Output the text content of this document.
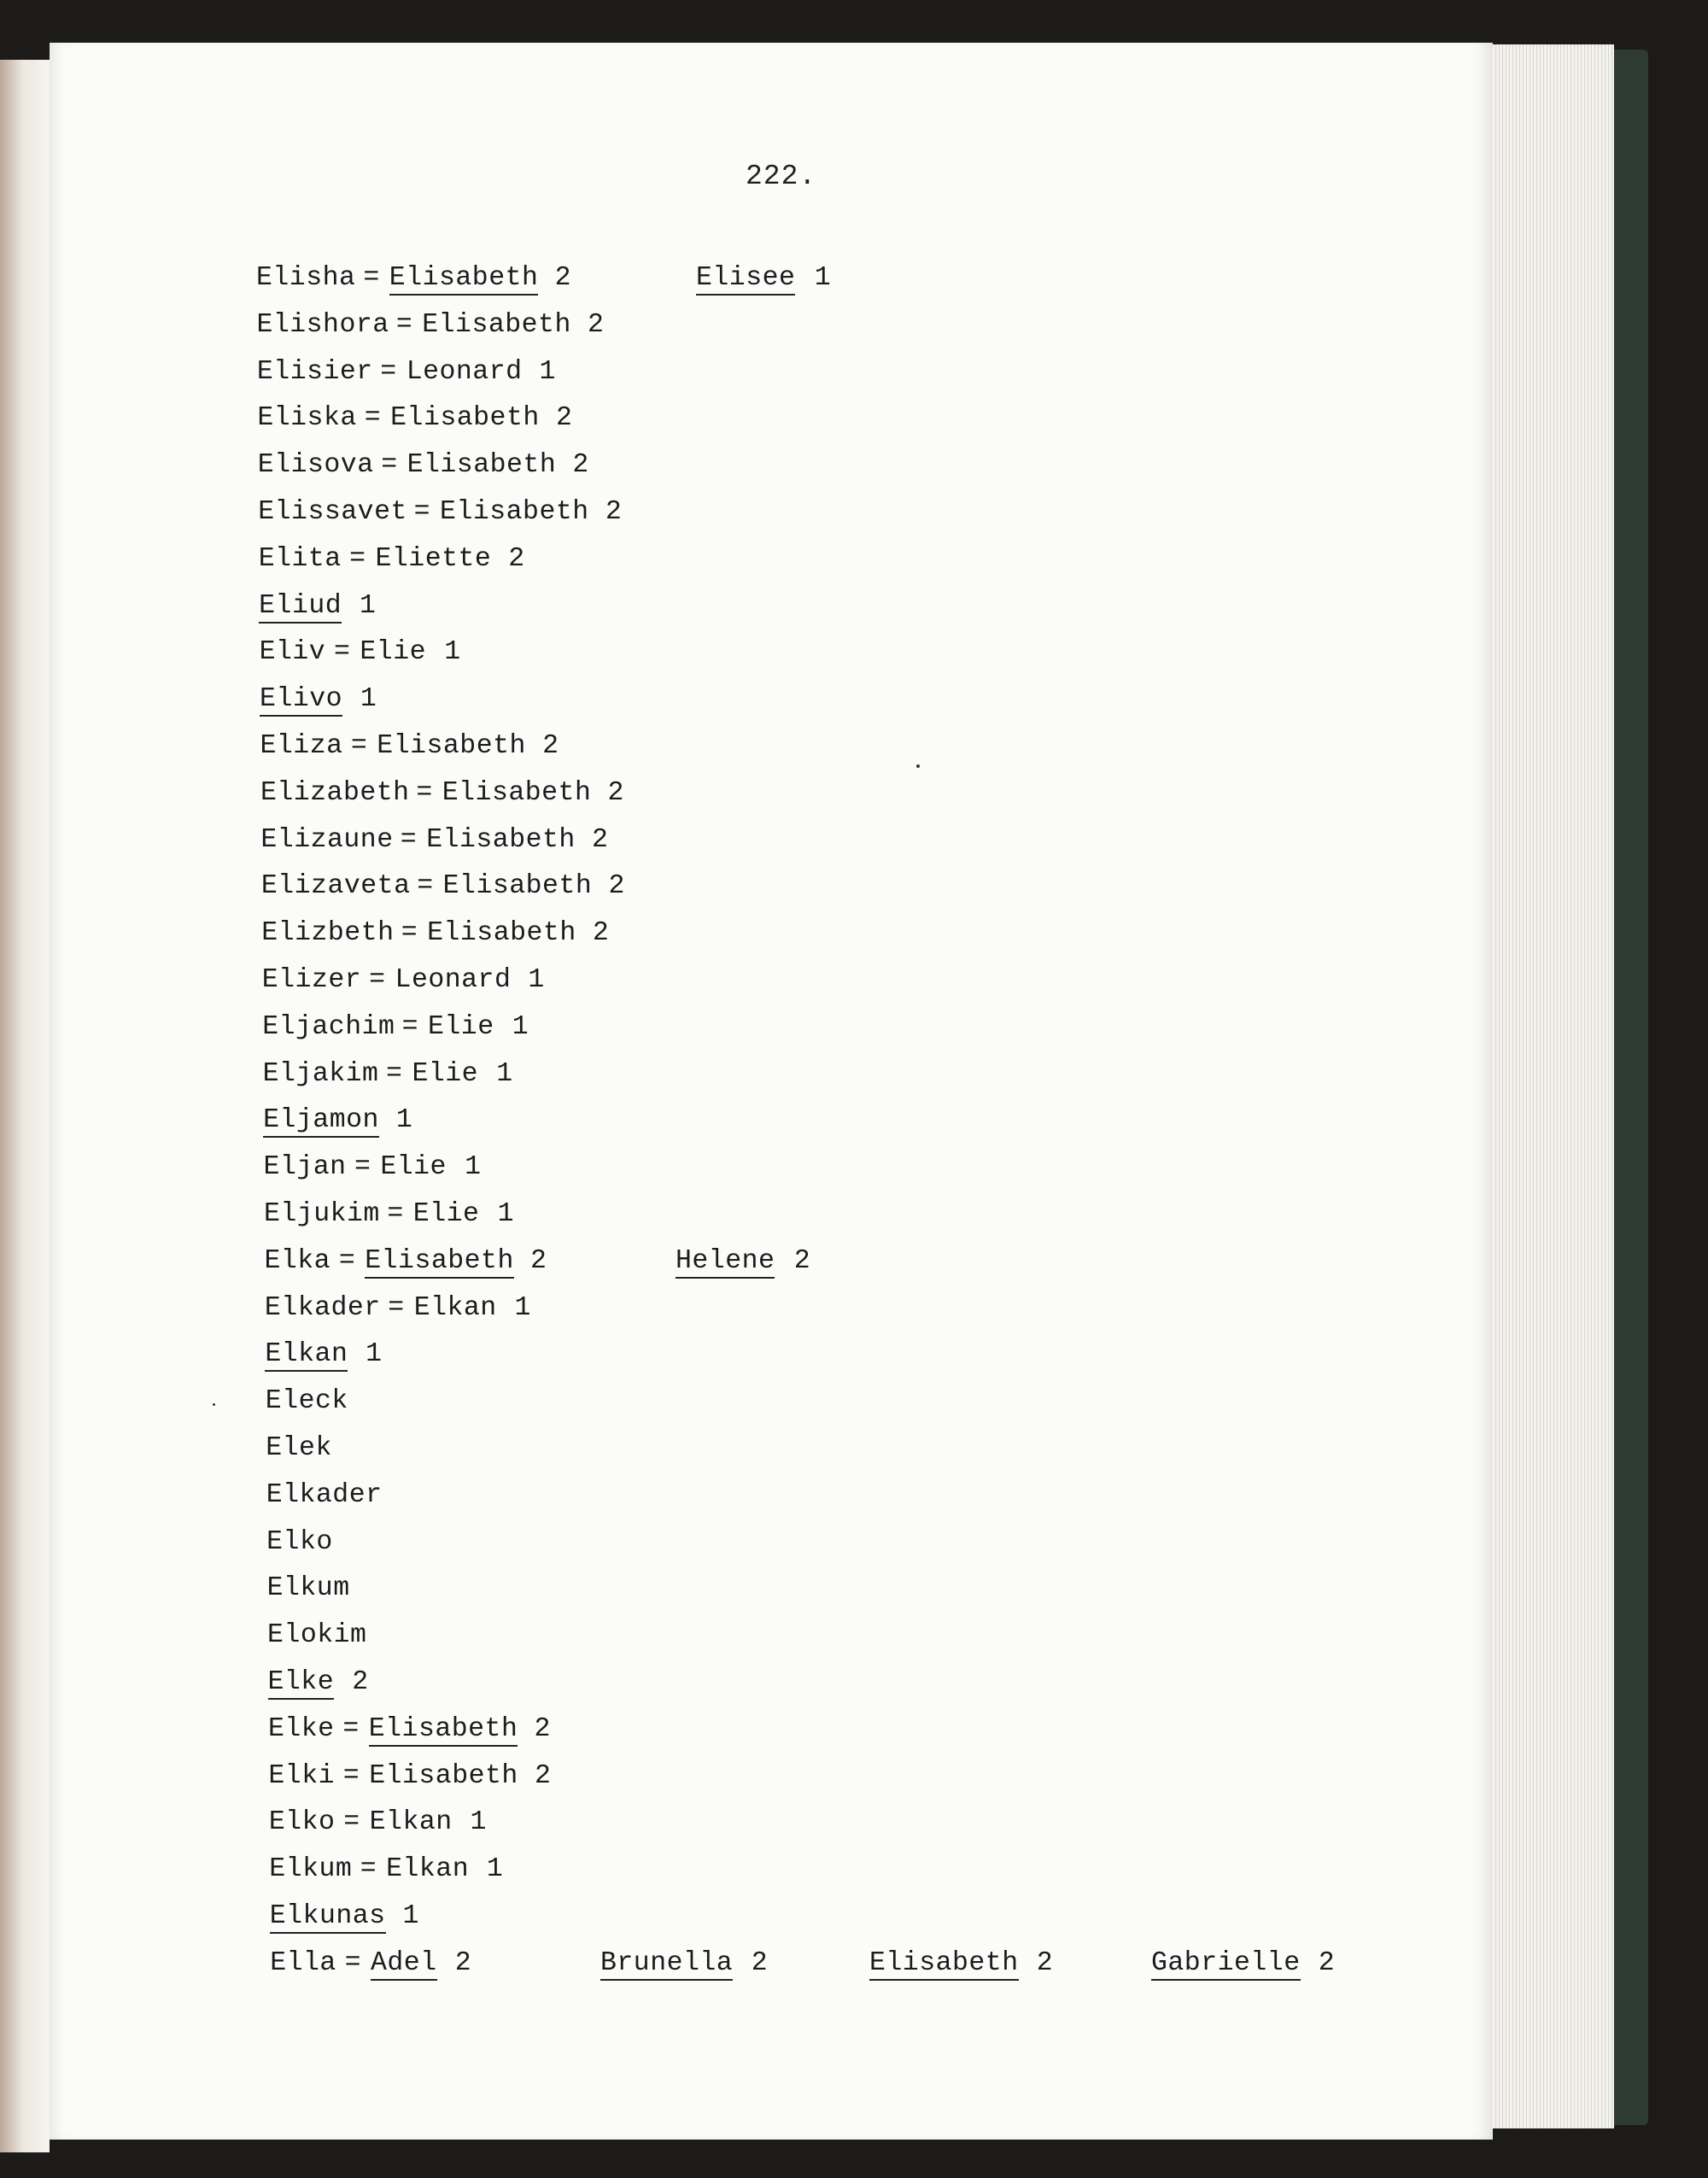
222.
Elisha = Elisabeth 2	Elisee 1
Elishora = Elisabeth 2
Elisier = Leonard 1
Eliska = Elisabeth 2
Elisova = Elisabeth 2
Elissavet = Elisabeth 2
Elita = Eliette 2
Eliud 1
Eliv = Elie 1
Elivo 1
Eliza = Elisabeth 2
Elizabeth = Elisabeth 2
Elizaune = Elisabeth 2
Elizaveta = Elisabeth 2
Elizbeth = Elisabeth 2
Elizer = Leonard 1
Eljachim = Elie 1
Eljakim = Elie 1
Eljamon 1
Eljan = Elie 1
Eljukim = Elie 1
Elka = Elisabeth 2	Helene 2
Elkader = Elkan 1
Elkan 1
Eleck
Elek
Elkader
Elko
Elkum
Elokim
Elke 2
Elke = Elisabeth 2
Elki = Elisabeth 2
Elko = Elkan 1
Elkum = Elkan 1
Elkunas 1
Ella = Adel 2	Brunella 2	Elisabeth 2	Gabrielle 2
